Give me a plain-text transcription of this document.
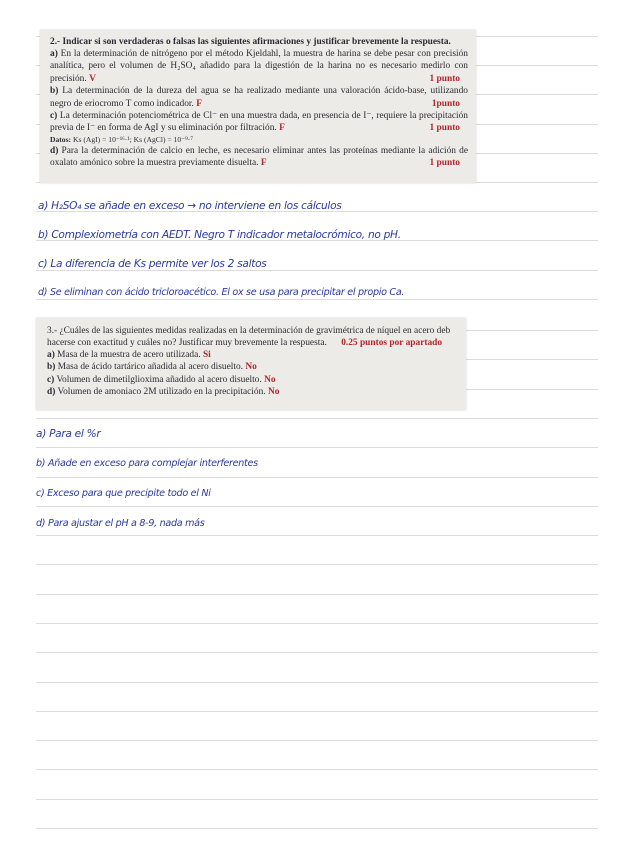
2.- Indicar si son verdaderas o falsas las siguientes afirmaciones y justificar brevemente la respuesta.

a) En la determinación de nitrógeno por el método Kjeldahl, la muestra de harina se debe pesar con precisión analítica, pero el volumen de H₂SO₄ añadido para la digestión de la harina no es necesario medirlo con precisión. V	1 punto

b) La determinación de la dureza del agua se ha realizado mediante una valoración ácido-base, utilizando negro de eriocromo T como indicador. F	1punto

c) La determinación potenciométrica de Cl⁻ en una muestra dada, en presencia de I⁻, requiere la precipitación previa de I⁻ en forma de AgI y su eliminación por filtración. F	1 punto

Datos: Ks (AgI) = 10⁻¹⁶·¹; Ks (AgCl) = 10⁻⁹·⁷

d) Para la determinación de calcio en leche, es necesario eliminar antes las proteínas mediante la adición de oxalato amónico sobre la muestra previamente disuelta. F	1 punto

a) H₂SO₄ se añade en exceso → no interviene en los cálculos
b) Complexiometría con AEDT. Negro T indicador metalocrómico, no pH.
c) La diferencia de Ks permite ver los 2 saltos
d) Se eliminan con ácido tricloroacético. El ox se usa para precipitar el propio Ca.

3.- ¿Cuáles de las siguientes medidas realizadas en la determinación de gravimétrica de níquel en acero deb hacerse con exactitud y cuáles no? Justificar muy brevemente la respuesta. 0.25 puntos por apartado

a) Masa de la muestra de acero utilizada. Si

b) Masa de ácido tartárico añadida al acero disuelto. No

c) Volumen de dimetilglioxima añadido al acero disuelto. No

d) Volumen de amoniaco 2M utilizado en la precipitación. No

a) Para el %r
b) Añade en exceso para complejar interferentes
c) Exceso para que precipite todo el Ni
d) Para ajustar el pH a 8-9, nada más
